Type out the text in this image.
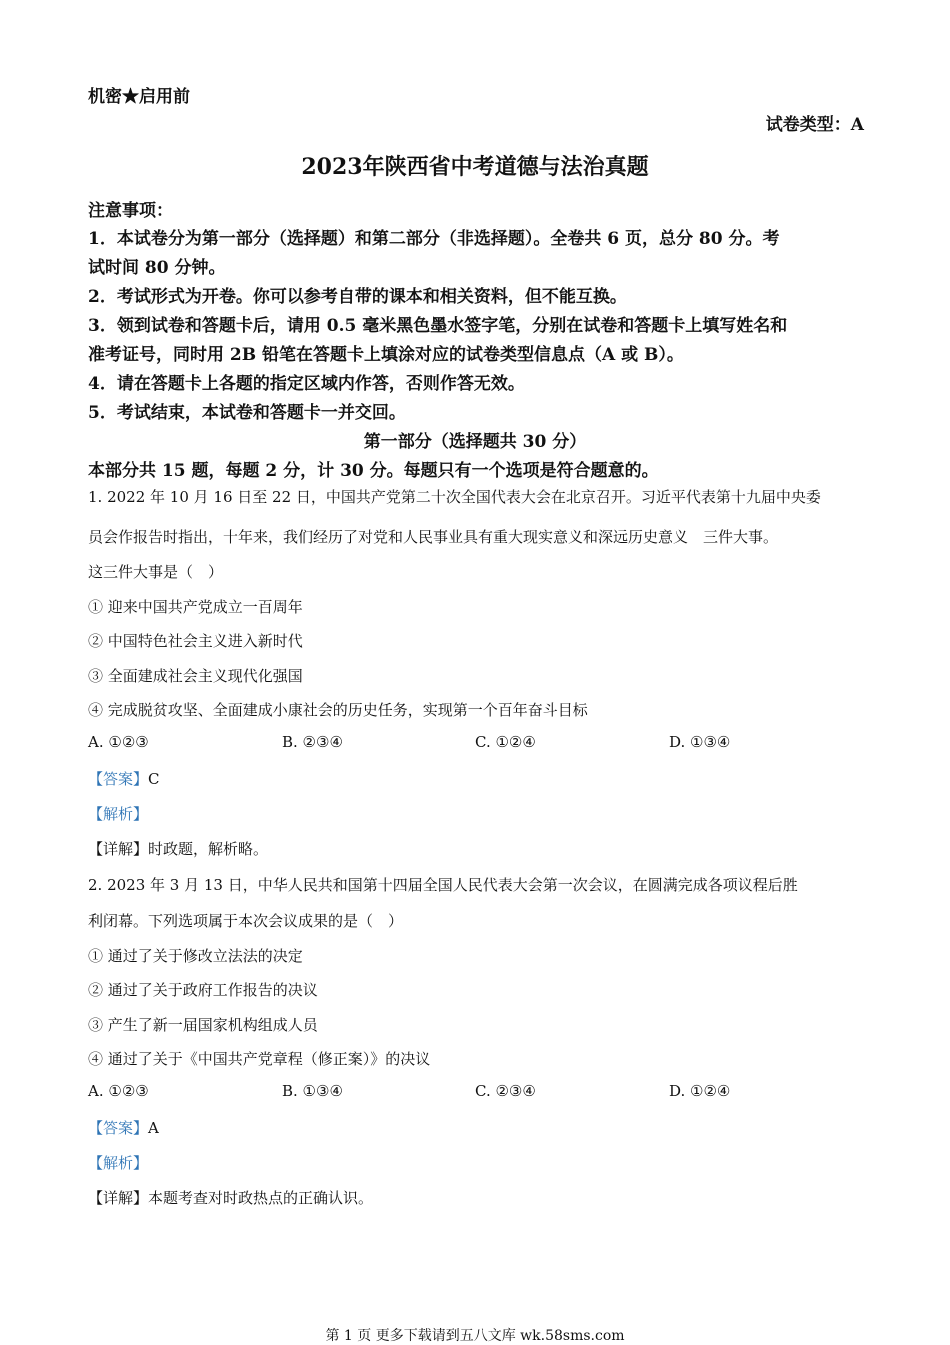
机密★启用前
试卷类型：A
2023年陕西省中考道德与法治真题
注意事项：
1．本试卷分为第一部分（选择题）和第二部分（非选择题）。全卷共 6 页，总分 80 分。考
试时间 80 分钟。
2．考试形式为开卷。你可以参考自带的课本和相关资料，但不能互换。
3．领到试卷和答题卡后，请用 0.5 毫米黑色墨水签字笔，分别在试卷和答题卡上填写姓名和
准考证号，同时用 2B 铅笔在答题卡上填涂对应的试卷类型信息点（A 或 B）。
4．请在答题卡上各题的指定区域内作答，否则作答无效。
5．考试结束，本试卷和答题卡一并交回。
第一部分（选择题共 30 分）
本部分共 15 题，每题 2 分，计 30 分。每题只有一个选项是符合题意的。
1. 2022 年 10 月 16 日至 22 日，中国共产党第二十次全国代表大会在北京召开。习近平代表第十九届中央委
员会作报告时指出，十年来，我们经历了对党和人民事业具有重大现实意义和深远历史意义　三件大事。
这三件大事是（　）
① 迎来中国共产党成立一百周年
② 中国特色社会主义进入新时代
③ 全面建成社会主义现代化强国
④ 完成脱贫攻坚、全面建成小康社会的历史任务，实现第一个百年奋斗目标
A. ①②③	B. ②③④	C. ①②④	D. ①③④
【答案】C
【解析】
【详解】时政题，解析略。
2. 2023 年 3 月 13 日，中华人民共和国第十四届全国人民代表大会第一次会议，在圆满完成各项议程后胜
利闭幕。下列选项属于本次会议成果的是（　）
① 通过了关于修改立法法的决定
② 通过了关于政府工作报告的决议
③ 产生了新一届国家机构组成人员
④ 通过了关于《中国共产党章程（修正案）》的决议
A. ①②③	B. ①③④	C. ②③④	D. ①②④
【答案】A
【解析】
【详解】本题考查对时政热点的正确认识。
第 1 页 更多下载请到五八文库 wk.58sms.com
